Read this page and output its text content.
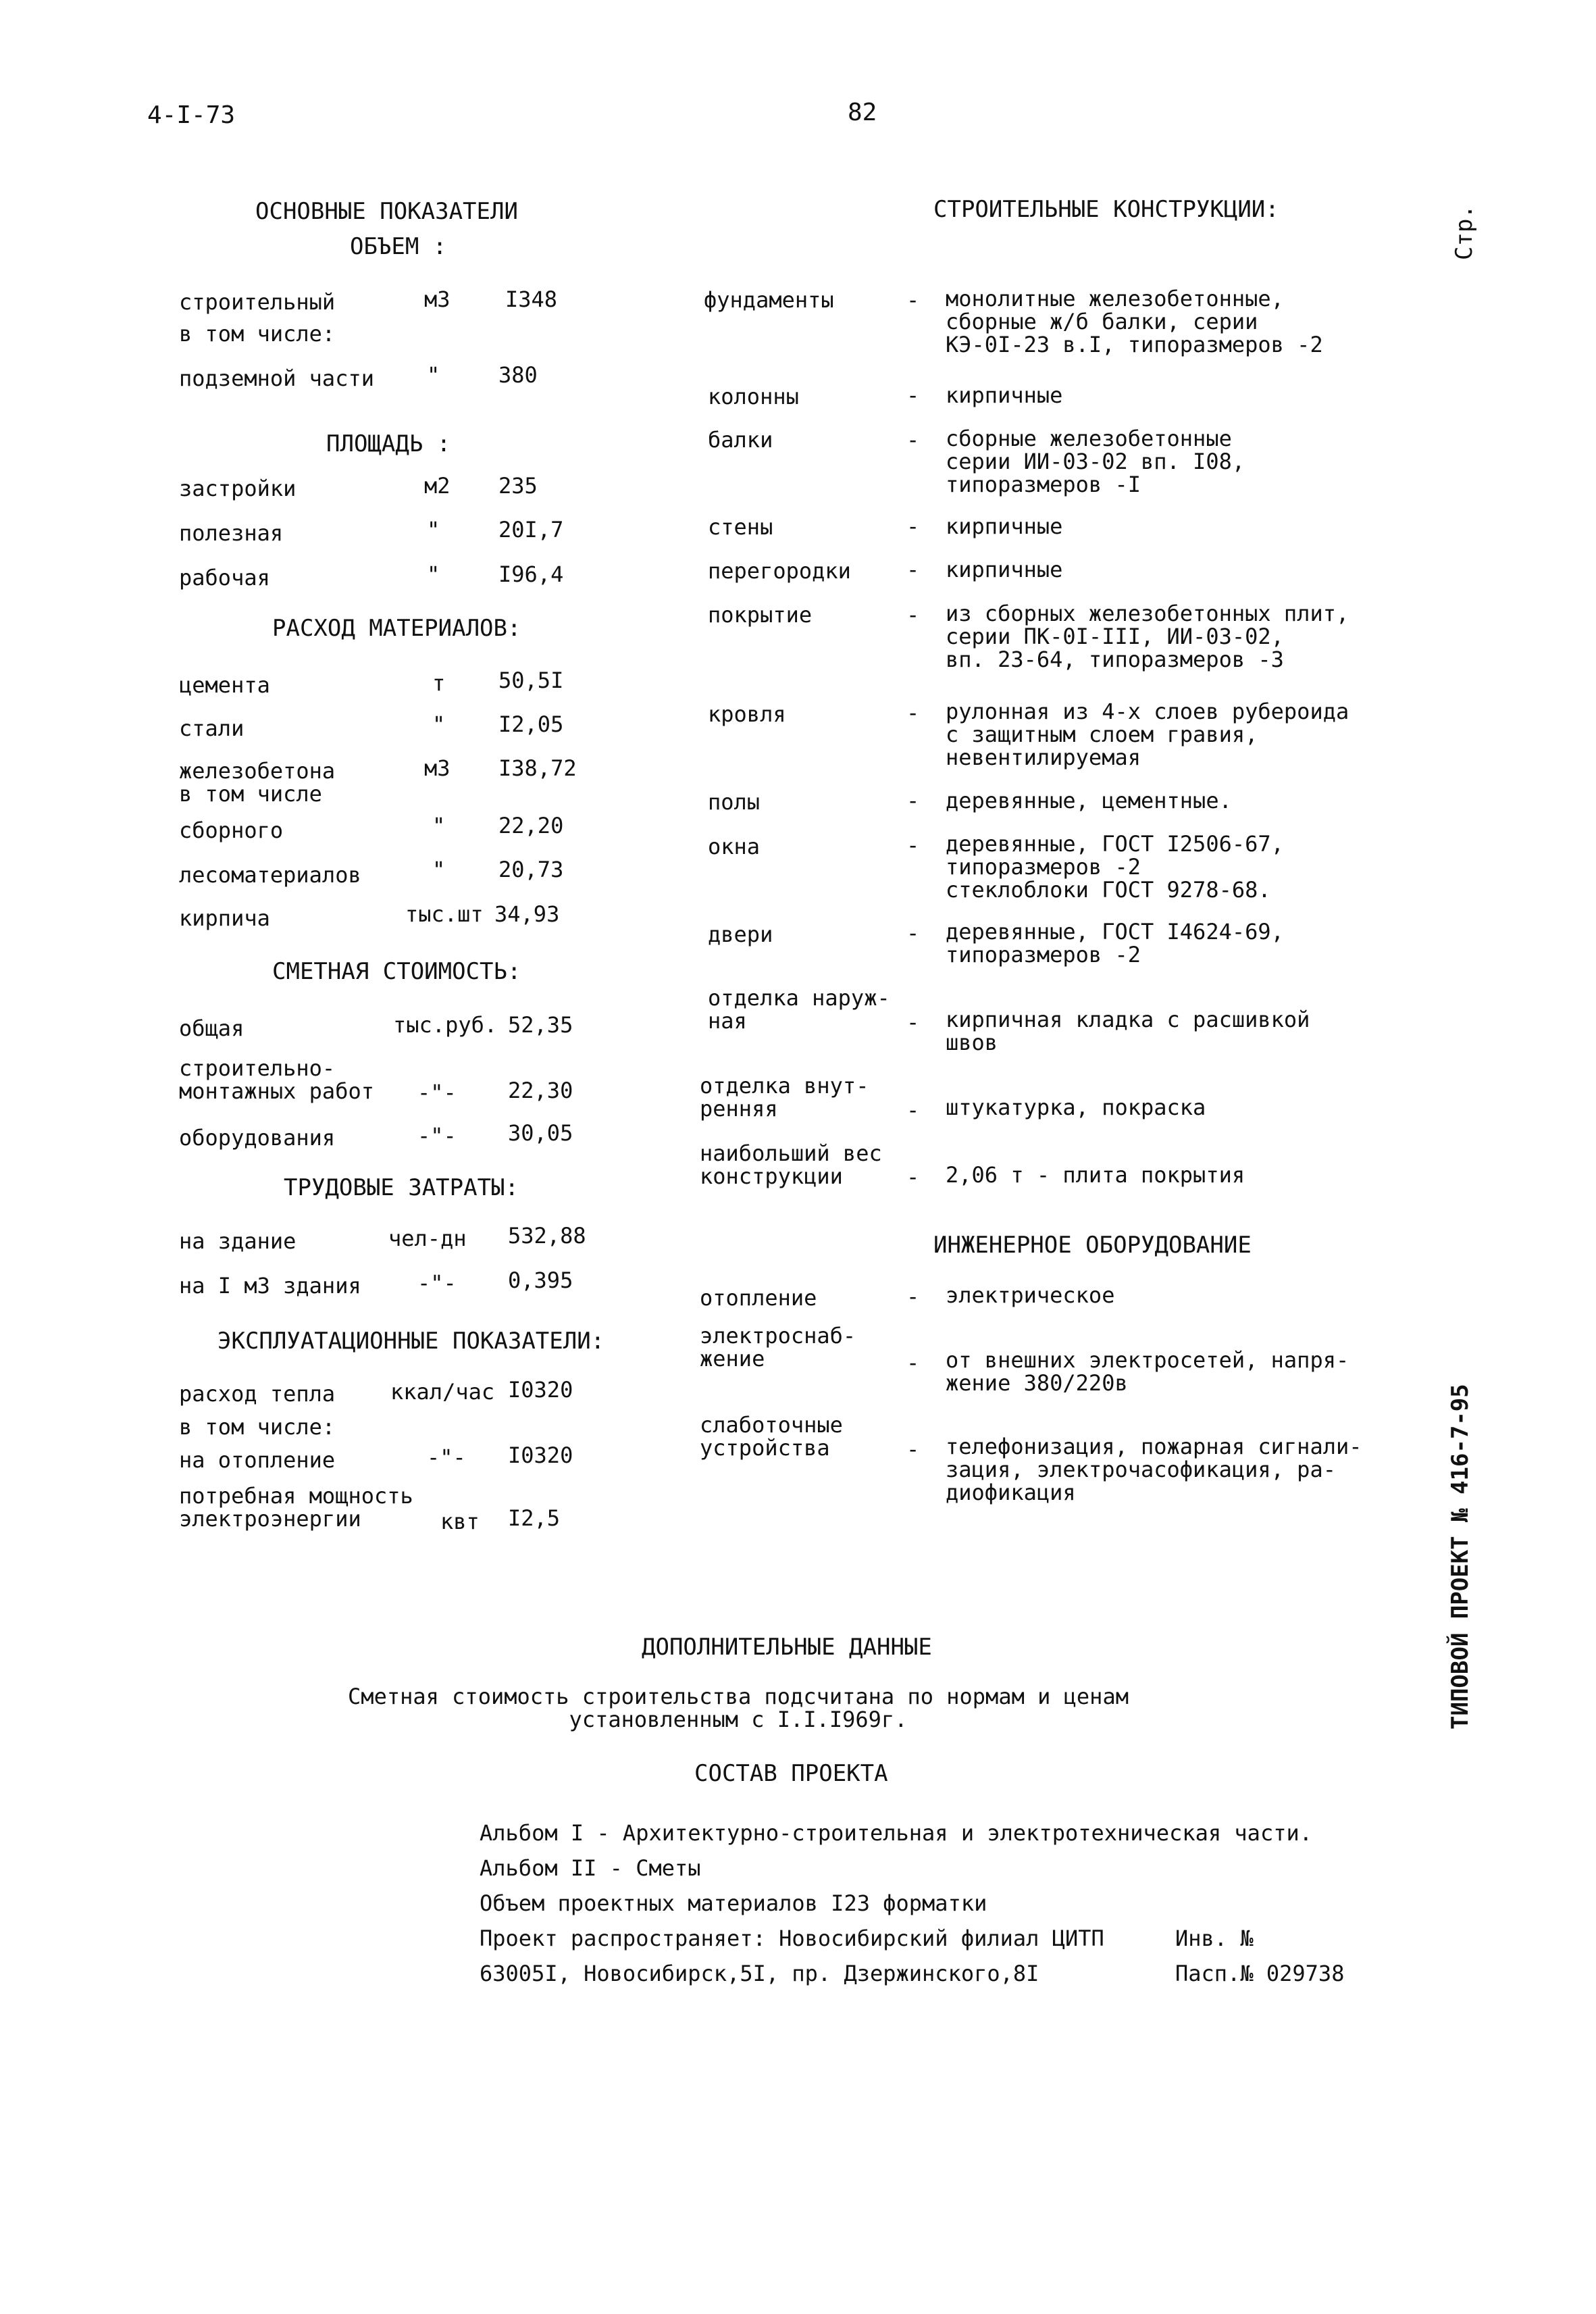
4-I-73	82
Стр.
ТИПОВОЙ ПРОЕКТ № 416-7-95
ОСНОВНЫЕ ПОКАЗАТЕЛИ
ОБЪЕМ :
строительный	м3	I348
в том числе:
подземной части "	380
ПЛОЩАДЬ :
застройки	м2 235
полезная	"	20I,7
рабочая	"	I96,4
РАСХОД МАТЕРИАЛОВ:
цемента	т 50,5I
стали	" I2,05
железобетона
в том числе
м3 I38,72
сборного	" 22,20
лесоматериалов	" 20,73
кирпича	тыс.шт 34,93
СМЕТНАЯ СТОИМОСТЬ:
общая	тыс.руб. 52,35
строительно-
монтажных работ -"- 22,30
оборудования	-"- 30,05
ТРУДОВЫЕ ЗАТРАТЫ:
на здание	чел-дн 532,88
на I м3 здания	-"- 0,395
ЭКСПЛУАТАЦИОННЫЕ ПОКАЗАТЕЛИ:
расход тепла	ккал/час I0320
в том числе:
на отопление	-"- I0320
потребная мощность
электроэнергии	квт I2,5
СТРОИТЕЛЬНЫЕ КОНСТРУКЦИИ:
фундаменты	- монолитные железобетонные,
сборные ж/б балки, серии
КЭ-0I-23 в.I, типоразмеров -2
колонны	- кирпичные
балки	- сборные железобетонные
серии ИИ-03-02 вп. I08,
типоразмеров -I
стены	- кирпичные
перегородки	- кирпичные
покрытие	- из сборных железобетонных плит,
серии ПК-0I-III, ИИ-03-02,
вп. 23-64, типоразмеров -3
кровля	- рулонная из 4-х слоев рубероида
с защитным слоем гравия,
невентилируемая
полы	- деревянные, цементные.
окна	- деревянные, ГОСТ I2506-67,
типоразмеров -2
стеклоблоки ГОСТ 9278-68.
двери	- деревянные, ГОСТ I4624-69,
типоразмеров -2
отделка наруж-
ная	- кирпичная кладка с расшивкой
швов
отделка внут-
ренняя	- штукатурка, покраска
наибольший вес
конструкции	- 2,06 т - плита покрытия
ИНЖЕНЕРНОЕ ОБОРУДОВАНИЕ
отопление	- электрическое
электроснаб-
жение	- от внешних электросетей, напря-
жение 380/220в
слаботочные
устройства	- телефонизация, пожарная сигнали-
зация, электрочасофикация, ра-
диофикация
ДОПОЛНИТЕЛЬНЫЕ ДАННЫЕ
Сметная стоимость строительства подсчитана по нормам и ценам
установленным с I.I.I969г.
СОСТАВ ПРОЕКТА
Альбом I - Архитектурно-строительная и электротехническая части.
Альбом II - Сметы
Объем проектных материалов I23 форматки
Проект распространяет: Новосибирский филиал ЦИТП	Инв. №
63005I, Новосибирск,5I, пр. Дзержинского,8I	Пасп.№ 029738
